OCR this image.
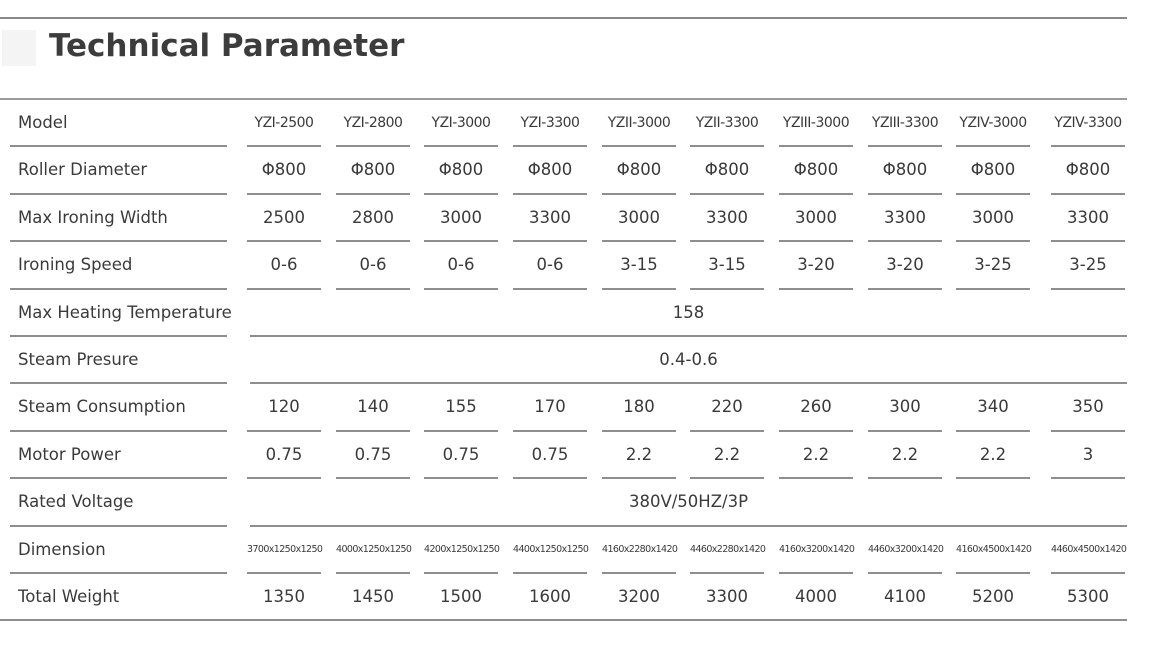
Technical Parameter
Model	YZI-2500	YZI-2800	YZI-3000	YZI-3300	YZII-3000	YZII-3300	YZIII-3000 YZIII-3300 YZIV-3000 YZIV-3300
Roller Diameter	Φ800	Φ800	Φ800	Φ800	Φ800	Φ800	Φ800	Φ800	Φ800	Φ800
Max Ironing Width	2500	2800	3000	3300	3000	3300	3000	3300	3000	3300
Ironing Speed	0-6	0-6	0-6	0-6	3-15	3-15	3-20	3-20	3-25	3-25
Max Heating Temperature	158
Steam Presure	0.4-0.6
Steam Consumption	120	140	155	170	180	220	260	300	340	350
Motor Power	0.75	0.75	0.75	0.75	2.2	2.2	2.2	2.2	2.2	3
Rated Voltage	380V/50HZ/3P
Dimension	3700x1250x1250 4000x1250x1250 4200x1250x1250 4400x1250x1250 4160x2280x1420 4460x2280x1420 4160x3200x1420 4460x3200x1420 4160x4500x1420 4460x4500x1420
Total Weight	1350	1450	1500	1600	3200	3300	4000	4100	5200	5300
